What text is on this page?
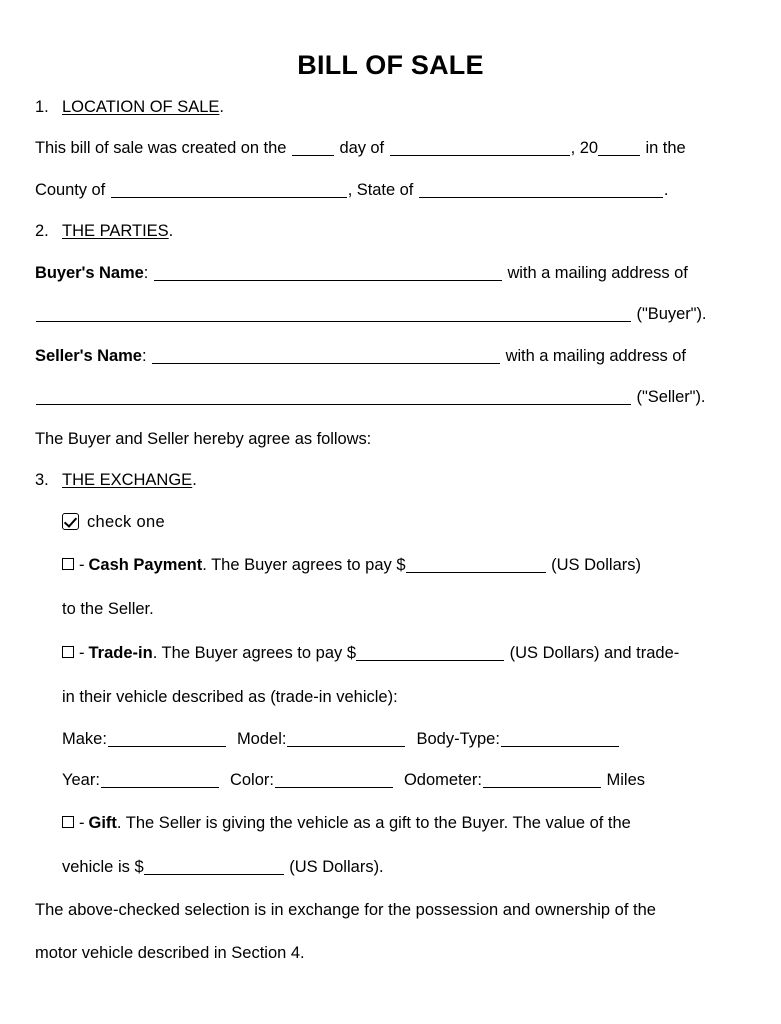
BILL OF SALE
1. LOCATION OF SALE.
This bill of sale was created on the	day of	, 20	in the
County of	, State of	.
2. THE PARTIES.
Buyer's Name:	with a mailing address of
("Buyer").
Seller's Name:	with a mailing address of
("Seller").
The Buyer and Seller hereby agree as follows:
3. THE EXCHANGE.
check one
- Cash Payment. The Buyer agrees to pay $	(US Dollars)
to the Seller.
- Trade-in. The Buyer agrees to pay $	(US Dollars) and trade-
in their vehicle described as (trade-in vehicle):
Make:	Model:	Body-Type:
Year:	Color:	Odometer:	Miles
- Gift. The Seller is giving the vehicle as a gift to the Buyer. The value of the
vehicle is $	(US Dollars).
The above-checked selection is in exchange for the possession and ownership of the
motor vehicle described in Section 4.
